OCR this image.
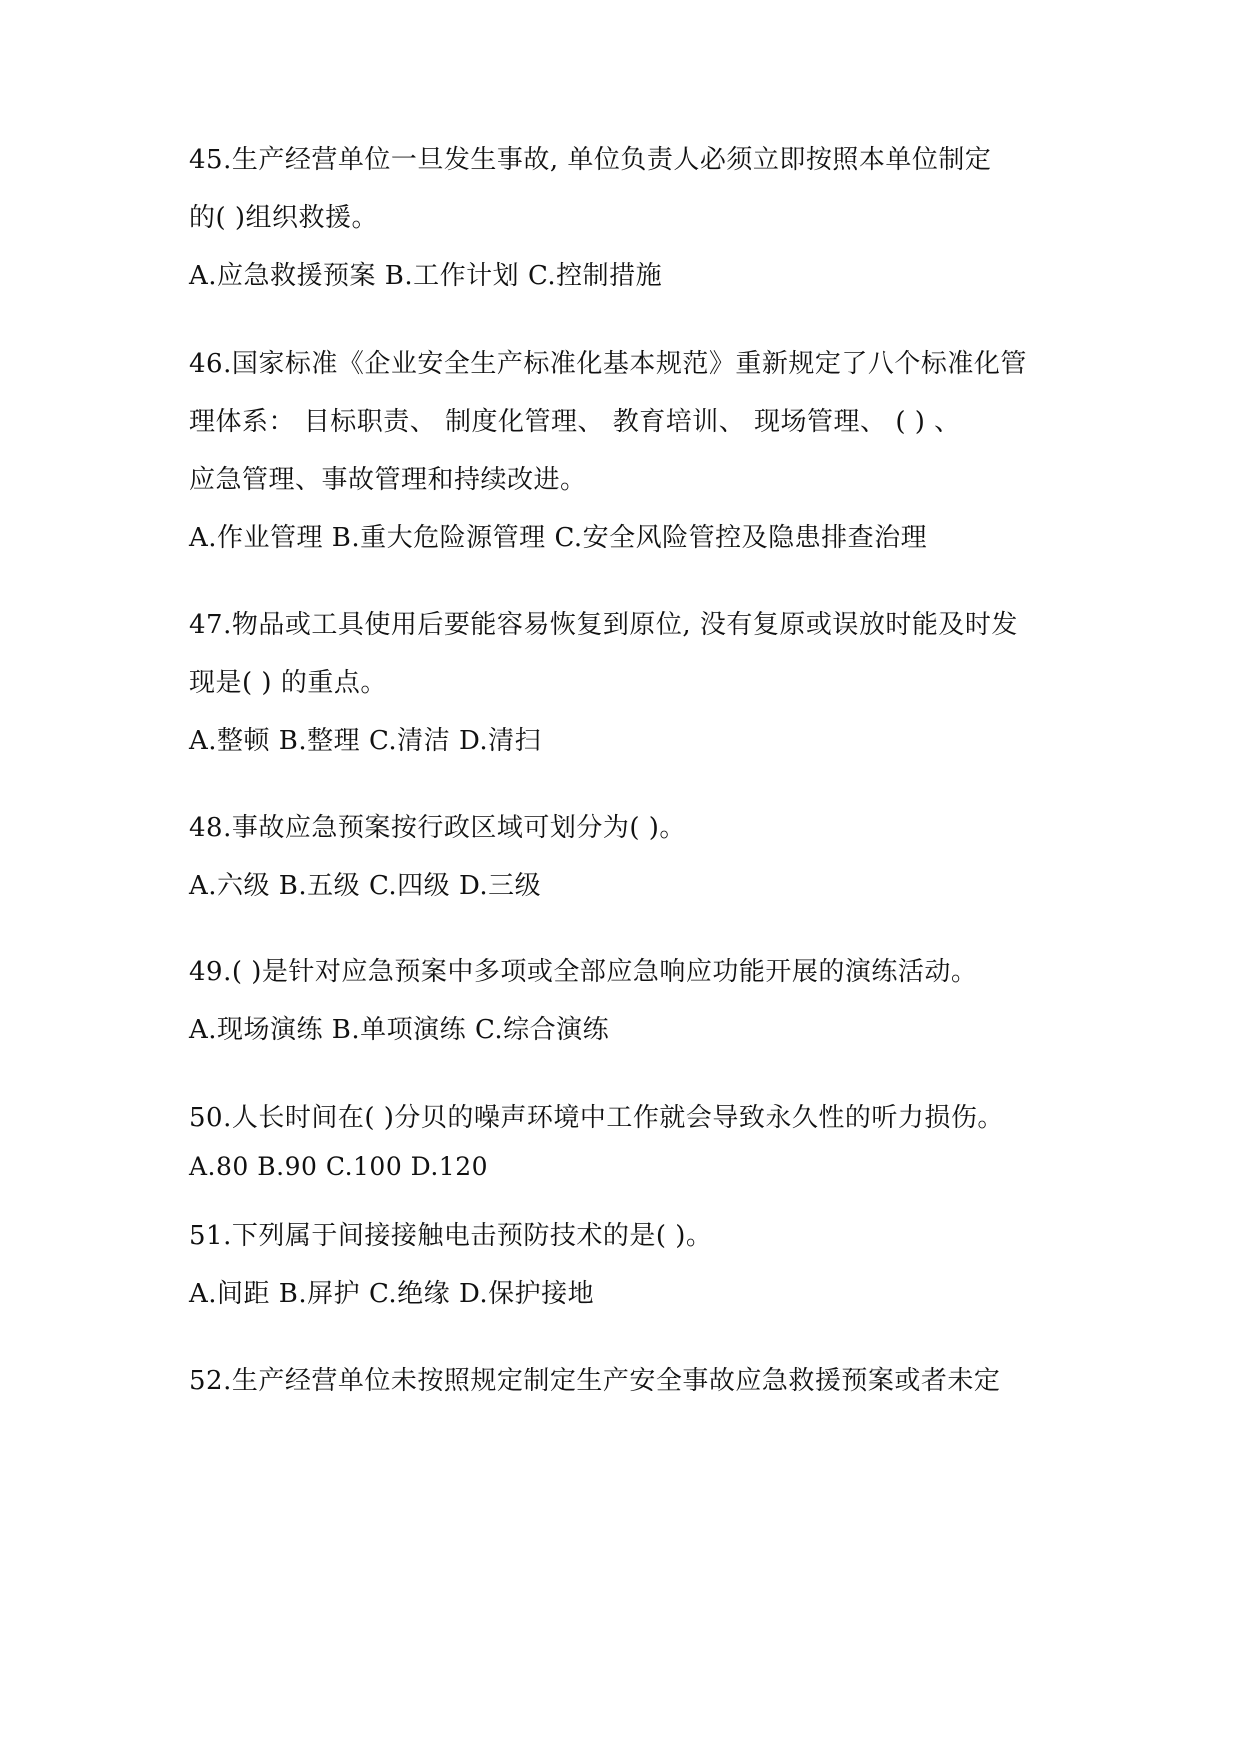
45.生产经营单位一旦发生事故, 单位负责人必须立即按照本单位制定
的( )组织救援。
A.应急救援预案 B.工作计划 C.控制措施
46.国家标准《企业安全生产标准化基本规范》重新规定了八个标准化管
理体系： 目标职责、 制度化管理、 教育培训、 现场管理、 ( ) 、
应急管理、事故管理和持续改进。
A.作业管理 B.重大危险源管理 C.安全风险管控及隐患排查治理
47.物品或工具使用后要能容易恢复到原位, 没有复原或误放时能及时发
现是( ) 的重点。
A.整顿 B.整理 C.清洁 D.清扫
48.事故应急预案按行政区域可划分为( )。
A.六级 B.五级 C.四级 D.三级
49.( )是针对应急预案中多项或全部应急响应功能开展的演练活动。
A.现场演练 B.单项演练 C.综合演练
50.人长时间在( )分贝的噪声环境中工作就会导致永久性的听力损伤。
A.80 B.90 C.100 D.120
51.下列属于间接接触电击预防技术的是( )。
A.间距 B.屏护 C.绝缘 D.保护接地
52.生产经营单位未按照规定制定生产安全事故应急救援预案或者未定
